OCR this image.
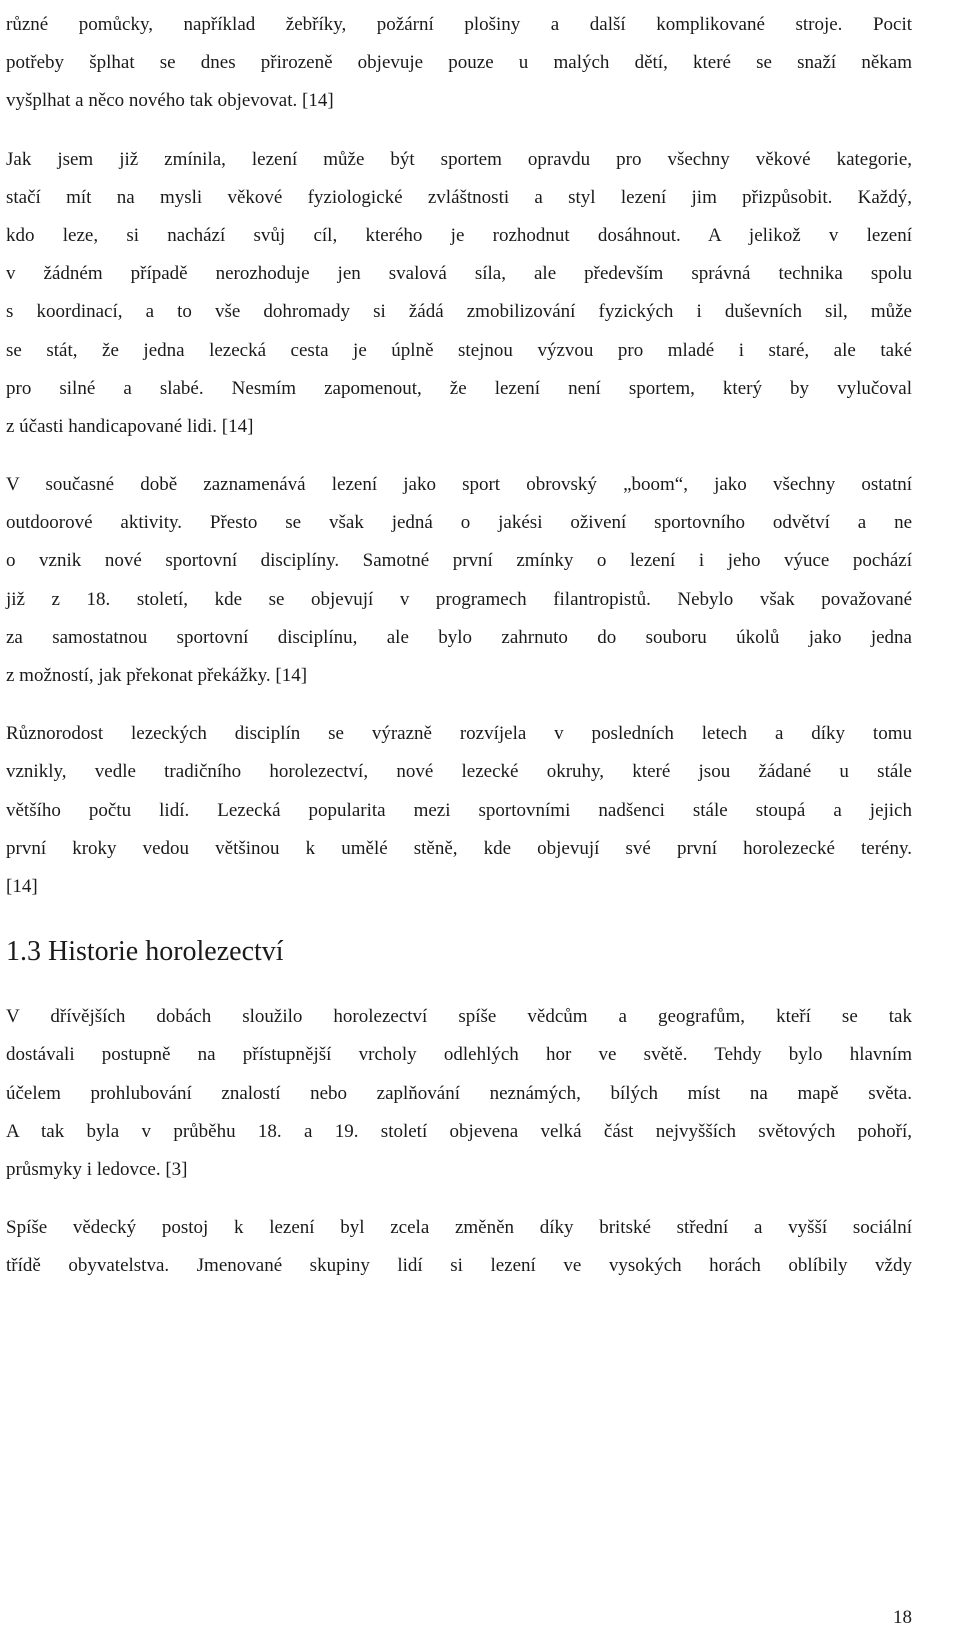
různé pomůcky, například žebříky, požární plošiny a další komplikované stroje. Pocit
potřeby šplhat se dnes přirozeně objevuje pouze u malých dětí, které se snaží někam
vyšplhat a něco nového tak objevovat. [14]
Jak jsem již zmínila, lezení může být sportem opravdu pro všechny věkové kategorie,
stačí mít na mysli věkové fyziologické zvláštnosti a styl lezení jim přizpůsobit. Každý,
kdo leze, si nachází svůj cíl, kterého je rozhodnut dosáhnout. A jelikož v lezení
v žádném případě nerozhoduje jen svalová síla, ale především správná technika spolu
s koordinací, a to vše dohromady si žádá zmobilizování fyzických i duševních sil, může
se stát, že jedna lezecká cesta je úplně stejnou výzvou pro mladé i staré, ale také
pro silné a slabé. Nesmím zapomenout, že lezení není sportem, který by vylučoval
z účasti handicapované lidi. [14]
V současné době zaznamenává lezení jako sport obrovský „boom“, jako všechny ostatní
outdoorové aktivity. Přesto se však jedná o jakési oživení sportovního odvětví a ne
o vznik nové sportovní disciplíny. Samotné první zmínky o lezení i jeho výuce pochází
již z 18. století, kde se objevují v programech filantropistů. Nebylo však považované
za samostatnou sportovní disciplínu, ale bylo zahrnuto do souboru úkolů jako jedna
z možností, jak překonat překážky. [14]
Různorodost lezeckých disciplín se výrazně rozvíjela v posledních letech a díky tomu
vznikly, vedle tradičního horolezectví, nové lezecké okruhy, které jsou žádané u stále
většího počtu lidí. Lezecká popularita mezi sportovními nadšenci stále stoupá a jejich
první kroky vedou většinou k umělé stěně, kde objevují své první horolezecké terény.
[14]
1.3 Historie horolezectví
V dřívějších dobách sloužilo horolezectví spíše vědcům a geografům, kteří se tak
dostávali postupně na přístupnější vrcholy odlehlých hor ve světě. Tehdy bylo hlavním
účelem prohlubování znalostí nebo zaplňování neznámých, bílých míst na mapě světa.
A tak byla v průběhu 18. a 19. století objevena velká část nejvyšších světových pohoří,
průsmyky i ledovce. [3]
Spíše vědecký postoj k lezení byl zcela změněn díky britské střední a vyšší sociální
třídě obyvatelstva. Jmenované skupiny lidí si lezení ve vysokých horách oblíbily vždy
18
